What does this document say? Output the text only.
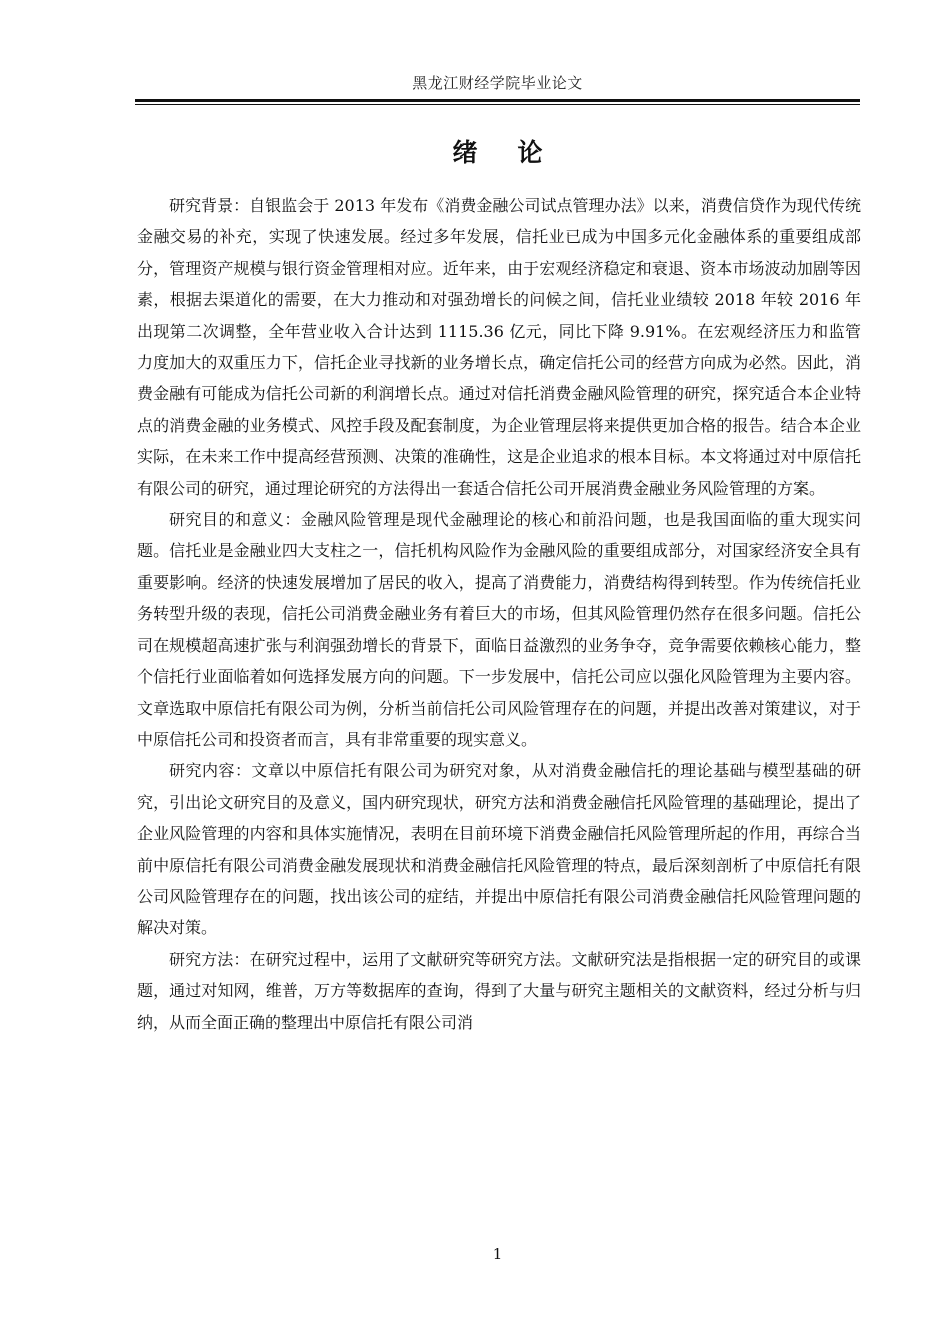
黑龙江财经学院毕业论文
绪论

研究背景：自银监会于 2013 年发布《消费金融公司试点管理办法》以来，消费信贷作为现代传统金融交易的补充，实现了快速发展。经过多年发展，信托业已成为中国多元化金融体系的重要组成部分，管理资产规模与银行资金管理相对应。近年来，由于宏观经济稳定和衰退、资本市场波动加剧等因素，根据去渠道化的需要，在大力推动和对强劲增长的问候之间，信托业业绩较 2018 年较 2016 年出现第二次调整，全年营业收入合计达到 1115.36 亿元，同比下降 9.91%。在宏观经济压力和监管力度加大的双重压力下，信托企业寻找新的业务增长点，确定信托公司的经营方向成为必然。因此，消费金融有可能成为信托公司新的利润增长点。通过对信托消费金融风险管理的研究，探究适合本企业特点的消费金融的业务模式、风控手段及配套制度，为企业管理层将来提供更加合格的报告。结合本企业实际，在未来工作中提高经营预测、决策的准确性，这是企业追求的根本目标。本文将通过对中原信托有限公司的研究，通过理论研究的方法得出一套适合信托公司开展消费金融业务风险管理的方案。

研究目的和意义：金融风险管理是现代金融理论的核心和前沿问题，也是我国面临的重大现实问题。信托业是金融业四大支柱之一，信托机构风险作为金融风险的重要组成部分，对国家经济安全具有重要影响。经济的快速发展增加了居民的收入，提高了消费能力，消费结构得到转型。作为传统信托业务转型升级的表现，信托公司消费金融业务有着巨大的市场，但其风险管理仍然存在很多问题。信托公司在规模超高速扩张与利润强劲增长的背景下，面临日益激烈的业务争夺，竞争需要依赖核心能力，整个信托行业面临着如何选择发展方向的问题。下一步发展中，信托公司应以强化风险管理为主要内容。文章选取中原信托有限公司为例，分析当前信托公司风险管理存在的问题，并提出改善对策建议，对于中原信托公司和投资者而言，具有非常重要的现实意义。

研究内容：文章以中原信托有限公司为研究对象，从对消费金融信托的理论基础与模型基础的研究，引出论文研究目的及意义，国内研究现状，研究方法和消费金融信托风险管理的基础理论，提出了企业风险管理的内容和具体实施情况，表明在目前环境下消费金融信托风险管理所起的作用，再综合当前中原信托有限公司消费金融发展现状和消费金融信托风险管理的特点，最后深刻剖析了中原信托有限公司风险管理存在的问题，找出该公司的症结，并提出中原信托有限公司消费金融信托风险管理问题的解决对策。

研究方法：在研究过程中，运用了文献研究等研究方法。文献研究法是指根据一定的研究目的或课题，通过对知网，维普，万方等数据库的查询，得到了大量与研究主题相关的文献资料，经过分析与归纳，从而全面正确的整理出中原信托有限公司消

1
